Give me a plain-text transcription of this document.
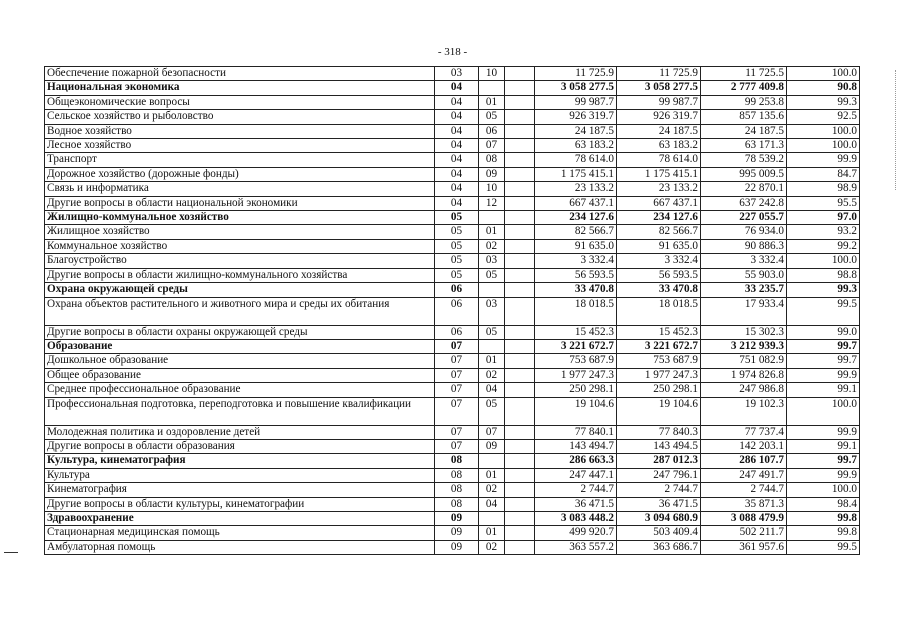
- 318 -
Обеспечение пожарной безопасности	03	10		11 725.9	11 725.9	11 725.5	100.0
Национальная экономика	04			3 058 277.5	3 058 277.5	2 777 409.8	90.8
Общеэкономические вопросы	04	01		99 987.7	99 987.7	99 253.8	99.3
Сельское хозяйство и рыболовство	04	05		926 319.7	926 319.7	857 135.6	92.5
Водное хозяйство	04	06		24 187.5	24 187.5	24 187.5	100.0
Лесное хозяйство	04	07		63 183.2	63 183.2	63 171.3	100.0
Транспорт	04	08		78 614.0	78 614.0	78 539.2	99.9
Дорожное хозяйство (дорожные фонды)	04	09		1 175 415.1	1 175 415.1	995 009.5	84.7
Связь и информатика	04	10		23 133.2	23 133.2	22 870.1	98.9
Другие вопросы в области национальной экономики	04	12		667 437.1	667 437.1	637 242.8	95.5
Жилищно-коммунальное хозяйство	05			234 127.6	234 127.6	227 055.7	97.0
Жилищное хозяйство	05	01		82 566.7	82 566.7	76 934.0	93.2
Коммунальное хозяйство	05	02		91 635.0	91 635.0	90 886.3	99.2
Благоустройство	05	03		3 332.4	3 332.4	3 332.4	100.0
Другие вопросы в области жилищно-коммунального хозяйства	05	05		56 593.5	56 593.5	55 903.0	98.8
Охрана окружающей среды	06			33 470.8	33 470.8	33 235.7	99.3
Охрана объектов растительного и животного мира и среды их обитания	06	03		18 018.5	18 018.5	17 933.4	99.5
Другие вопросы в области охраны окружающей среды	06	05		15 452.3	15 452.3	15 302.3	99.0
Образование	07			3 221 672.7	3 221 672.7	3 212 939.3	99.7
Дошкольное образование	07	01		753 687.9	753 687.9	751 082.9	99.7
Общее образование	07	02		1 977 247.3	1 977 247.3	1 974 826.8	99.9
Среднее профессиональное образование	07	04		250 298.1	250 298.1	247 986.8	99.1
Профессиональная подготовка, переподготовка и повышение квалификации	07	05		19 104.6	19 104.6	19 102.3	100.0
Молодежная политика и оздоровление детей	07	07		77 840.1	77 840.3	77 737.4	99.9
Другие вопросы в области образования	07	09		143 494.7	143 494.5	142 203.1	99.1
Культура, кинематография	08			286 663.3	287 012.3	286 107.7	99.7
Культура	08	01		247 447.1	247 796.1	247 491.7	99.9
Кинематография	08	02		2 744.7	2 744.7	2 744.7	100.0
Другие вопросы в области культуры, кинематографии	08	04		36 471.5	36 471.5	35 871.3	98.4
Здравоохранение	09			3 083 448.2	3 094 680.9	3 088 479.9	99.8
Стационарная медицинская помощь	09	01		499 920.7	503 409.4	502 211.7	99.8
Амбулаторная помощь	09	02		363 557.2	363 686.7	361 957.6	99.5
